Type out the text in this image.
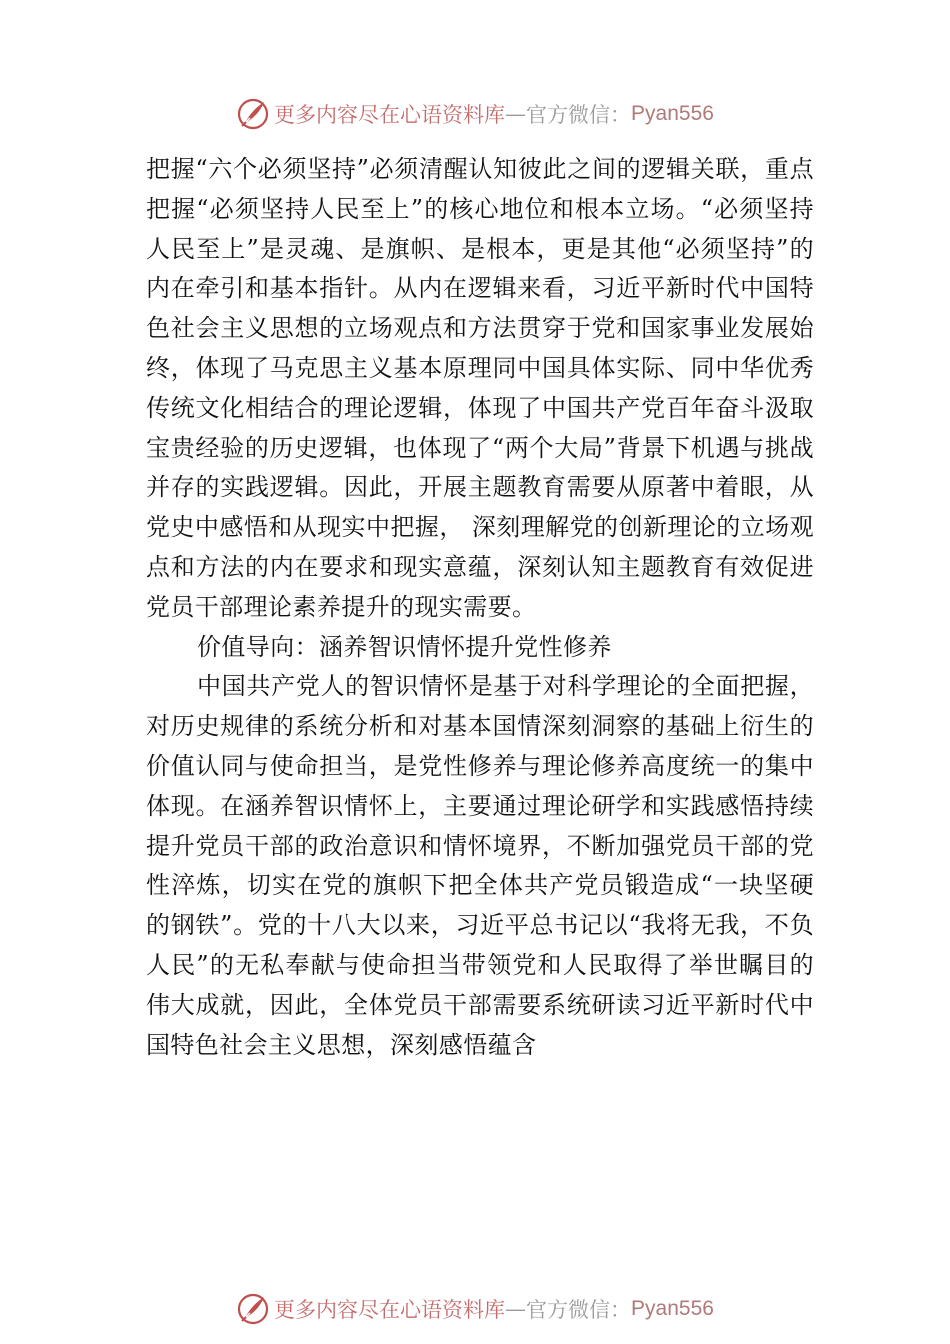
更多内容尽在心语资料库 — 官方微信： Pyan556

把握“六个必须坚持”必须清醒认知彼此之间的逻辑关联，重点把握“必须坚持人民至上”的核心地位和根本立场。“必须坚持人民至上”是灵魂、是旗帜、是根本，更是其他“必须坚持”的内在牵引和基本指针。从内在逻辑来看，习近平新时代中国特色社会主义思想的立场观点和方法贯穿于党和国家事业发展始终，体现了马克思主义基本原理同中国具体实际、同中华优秀传统文化相结合的理论逻辑，体现了中国共产党百年奋斗汲取宝贵经验的历史逻辑，也体现了“两个大局”背景下机遇与挑战并存的实践逻辑。因此，开展主题教育需要从原著中着眼，从党史中感悟和从现实中把握， 深刻理解党的创新理论的立场观点和方法的内在要求和现实意蕴，深刻认知主题教育有效促进党员干部理论素养提升的现实需要。

价值导向：涵养智识情怀提升党性修养

中国共产党人的智识情怀是基于对科学理论的全面把握，对历史规律的系统分析和对基本国情深刻洞察的基础上衍生的价值认同与使命担当，是党性修养与理论修养高度统一的集中体现。在涵养智识情怀上，主要通过理论研学和实践感悟持续提升党员干部的政治意识和情怀境界，不断加强党员干部的党性淬炼，切实在党的旗帜下把全体共产党员锻造成“一块坚硬的钢铁”。党的十八大以来，习近平总书记以“我将无我，不负人民”的无私奉献与使命担当带领党和人民取得了举世瞩目的伟大成就，因此，全体党员干部需要系统研读习近平新时代中国特色社会主义思想，深刻感悟蕴含

更多内容尽在心语资料库 — 官方微信： Pyan556
